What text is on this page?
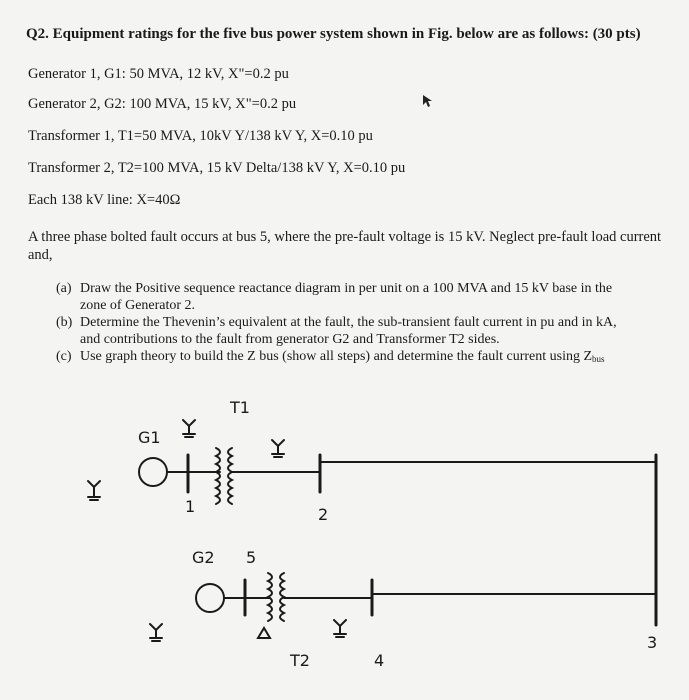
Q2. Equipment ratings for the five bus power system shown in Fig. below are as follows: (30 pts)
Generator 1, G1: 50 MVA, 12 kV, X"=0.2 pu
Generator 2, G2: 100 MVA, 15 kV, X"=0.2 pu
Transformer 1, T1=50 MVA, 10kV Y/138 kV Y, X=0.10 pu
Transformer 2, T2=100 MVA, 15 kV Delta/138 kV Y, X=0.10 pu
Each 138 kV line: X=40Ω
A three phase bolted fault occurs at bus 5, where the pre-fault voltage is 15 kV. Neglect pre-fault load current and,
(a) Draw the Positive sequence reactance diagram in per unit on a 100 MVA and 15 kV base in the
zone of Generator 2.
(b) Determine the Thevenin’s equivalent at the fault, the sub-transient fault current in pu and in kA,
and contributions to the fault from generator G2 and Transformer T2 sides.
(c) Use graph theory to build the Z bus (show all steps) and determine the fault current using $Z_{bus}$
T1
G1
1	2
G2 5
3
T2	4
